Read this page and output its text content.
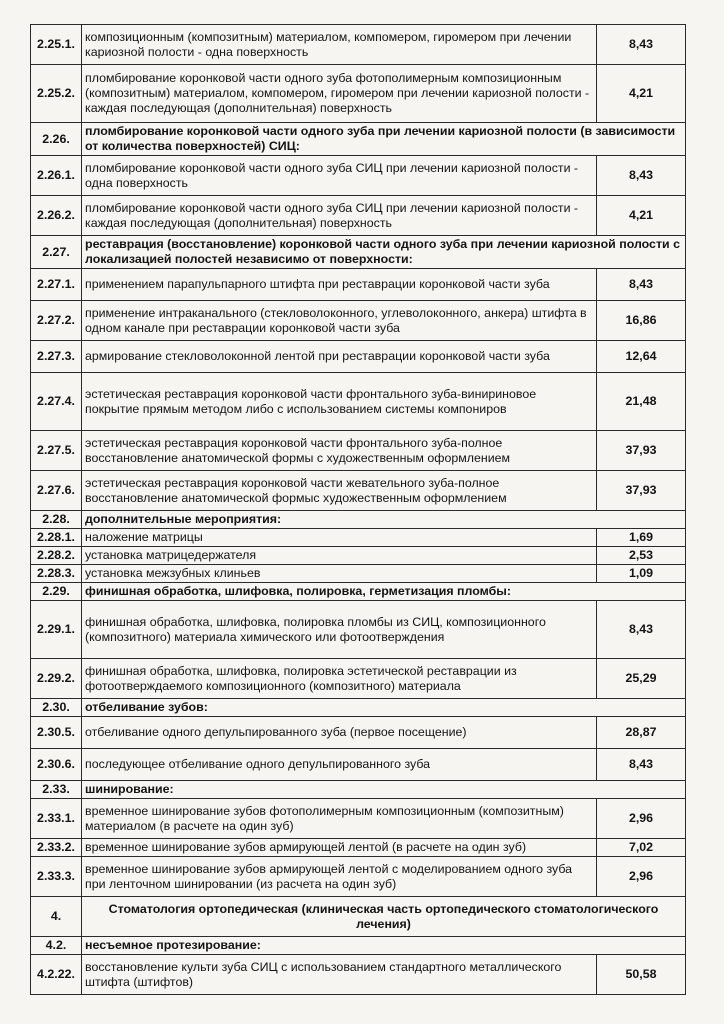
2.25.1.	композиционным (композитным) материалом, компомером, гиромером при лечении кариозной полости - одна поверхность	8,43
2.25.2.	пломбирование коронковой части одного зуба фотополимерным композиционным (композитным) материалом, компомером, гиромером при лечении кариозной полости - каждая последующая (дополнительная) поверхность	4,21
2.26.	пломбирование коронковой части одного зуба при лечении кариозной полости (в зависимости от количества поверхностей) СИЦ:	
2.26.1.	пломбирование коронковой части одного зуба СИЦ при лечении кариозной полости - одна поверхность	8,43
2.26.2.	пломбирование коронковой части одного зуба СИЦ при лечении кариозной полости - каждая последующая (дополнительная) поверхность	4,21
2.27.	реставрация (восстановление) коронковой части одного зуба при лечении кариозной полости с локализацией полостей независимо от поверхности:	
2.27.1.	применением парапульпарного штифта при реставрации коронковой части зуба	8,43
2.27.2.	применение интраканального (стекловолоконного, углеволоконного, анкера) штифта в одном канале при реставрации коронковой части зуба	16,86
2.27.3.	армирование стекловолоконной лентой при реставрации коронковой части зуба	12,64
2.27.4.	эстетическая реставрация коронковой части фронтального зуба-винириновое покрытие прямым методом либо с использованием системы компониров	21,48
2.27.5.	эстетическая реставрация коронковой части фронтального зуба-полное восстановление анатомической формы с художественным оформлением	37,93
2.27.6.	эстетическая реставрация коронковой части жевательного зуба-полное восстановление анатомической формыс художественным оформлением	37,93
2.28.	дополнительные мероприятия:	
2.28.1.	наложение матрицы	1,69
2.28.2.	установка матрицедержателя	2,53
2.28.3.	установка межзубных клиньев	1,09
2.29.	финишная обработка, шлифовка, полировка, герметизация пломбы:	
2.29.1.	финишная обработка, шлифовка, полировка пломбы из СИЦ, композиционного (композитного) материала химического или фотоотверждения	8,43
2.29.2.	финишная обработка, шлифовка, полировка эстетической реставрации из фотоотверждаемого композиционного (композитного) материала	25,29
2.30.	отбеливание зубов:	
2.30.5.	отбеливание одного депульпированного зуба (первое посещение)	28,87
2.30.6.	последующее отбеливание одного депульпированного зуба	8,43
2.33.	шинирование:	
2.33.1.	временное шинирование зубов фотополимерным композиционным (композитным) материалом (в расчете на один зуб)	2,96
2.33.2.	временное шинирование зубов армирующей лентой (в расчете на один зуб)	7,02
2.33.3.	временное шинирование зубов армирующей лентой с моделированием одного зуба при ленточном шинировании (из расчета на один зуб)	2,96
4.	Стоматология ортопедическая (клиническая часть ортопедического стоматологического лечения)	
4.2.	несъемное протезирование:	
4.2.22.	восстановление культи зуба СИЦ с использованием стандартного металлического штифта (штифтов)	50,58
